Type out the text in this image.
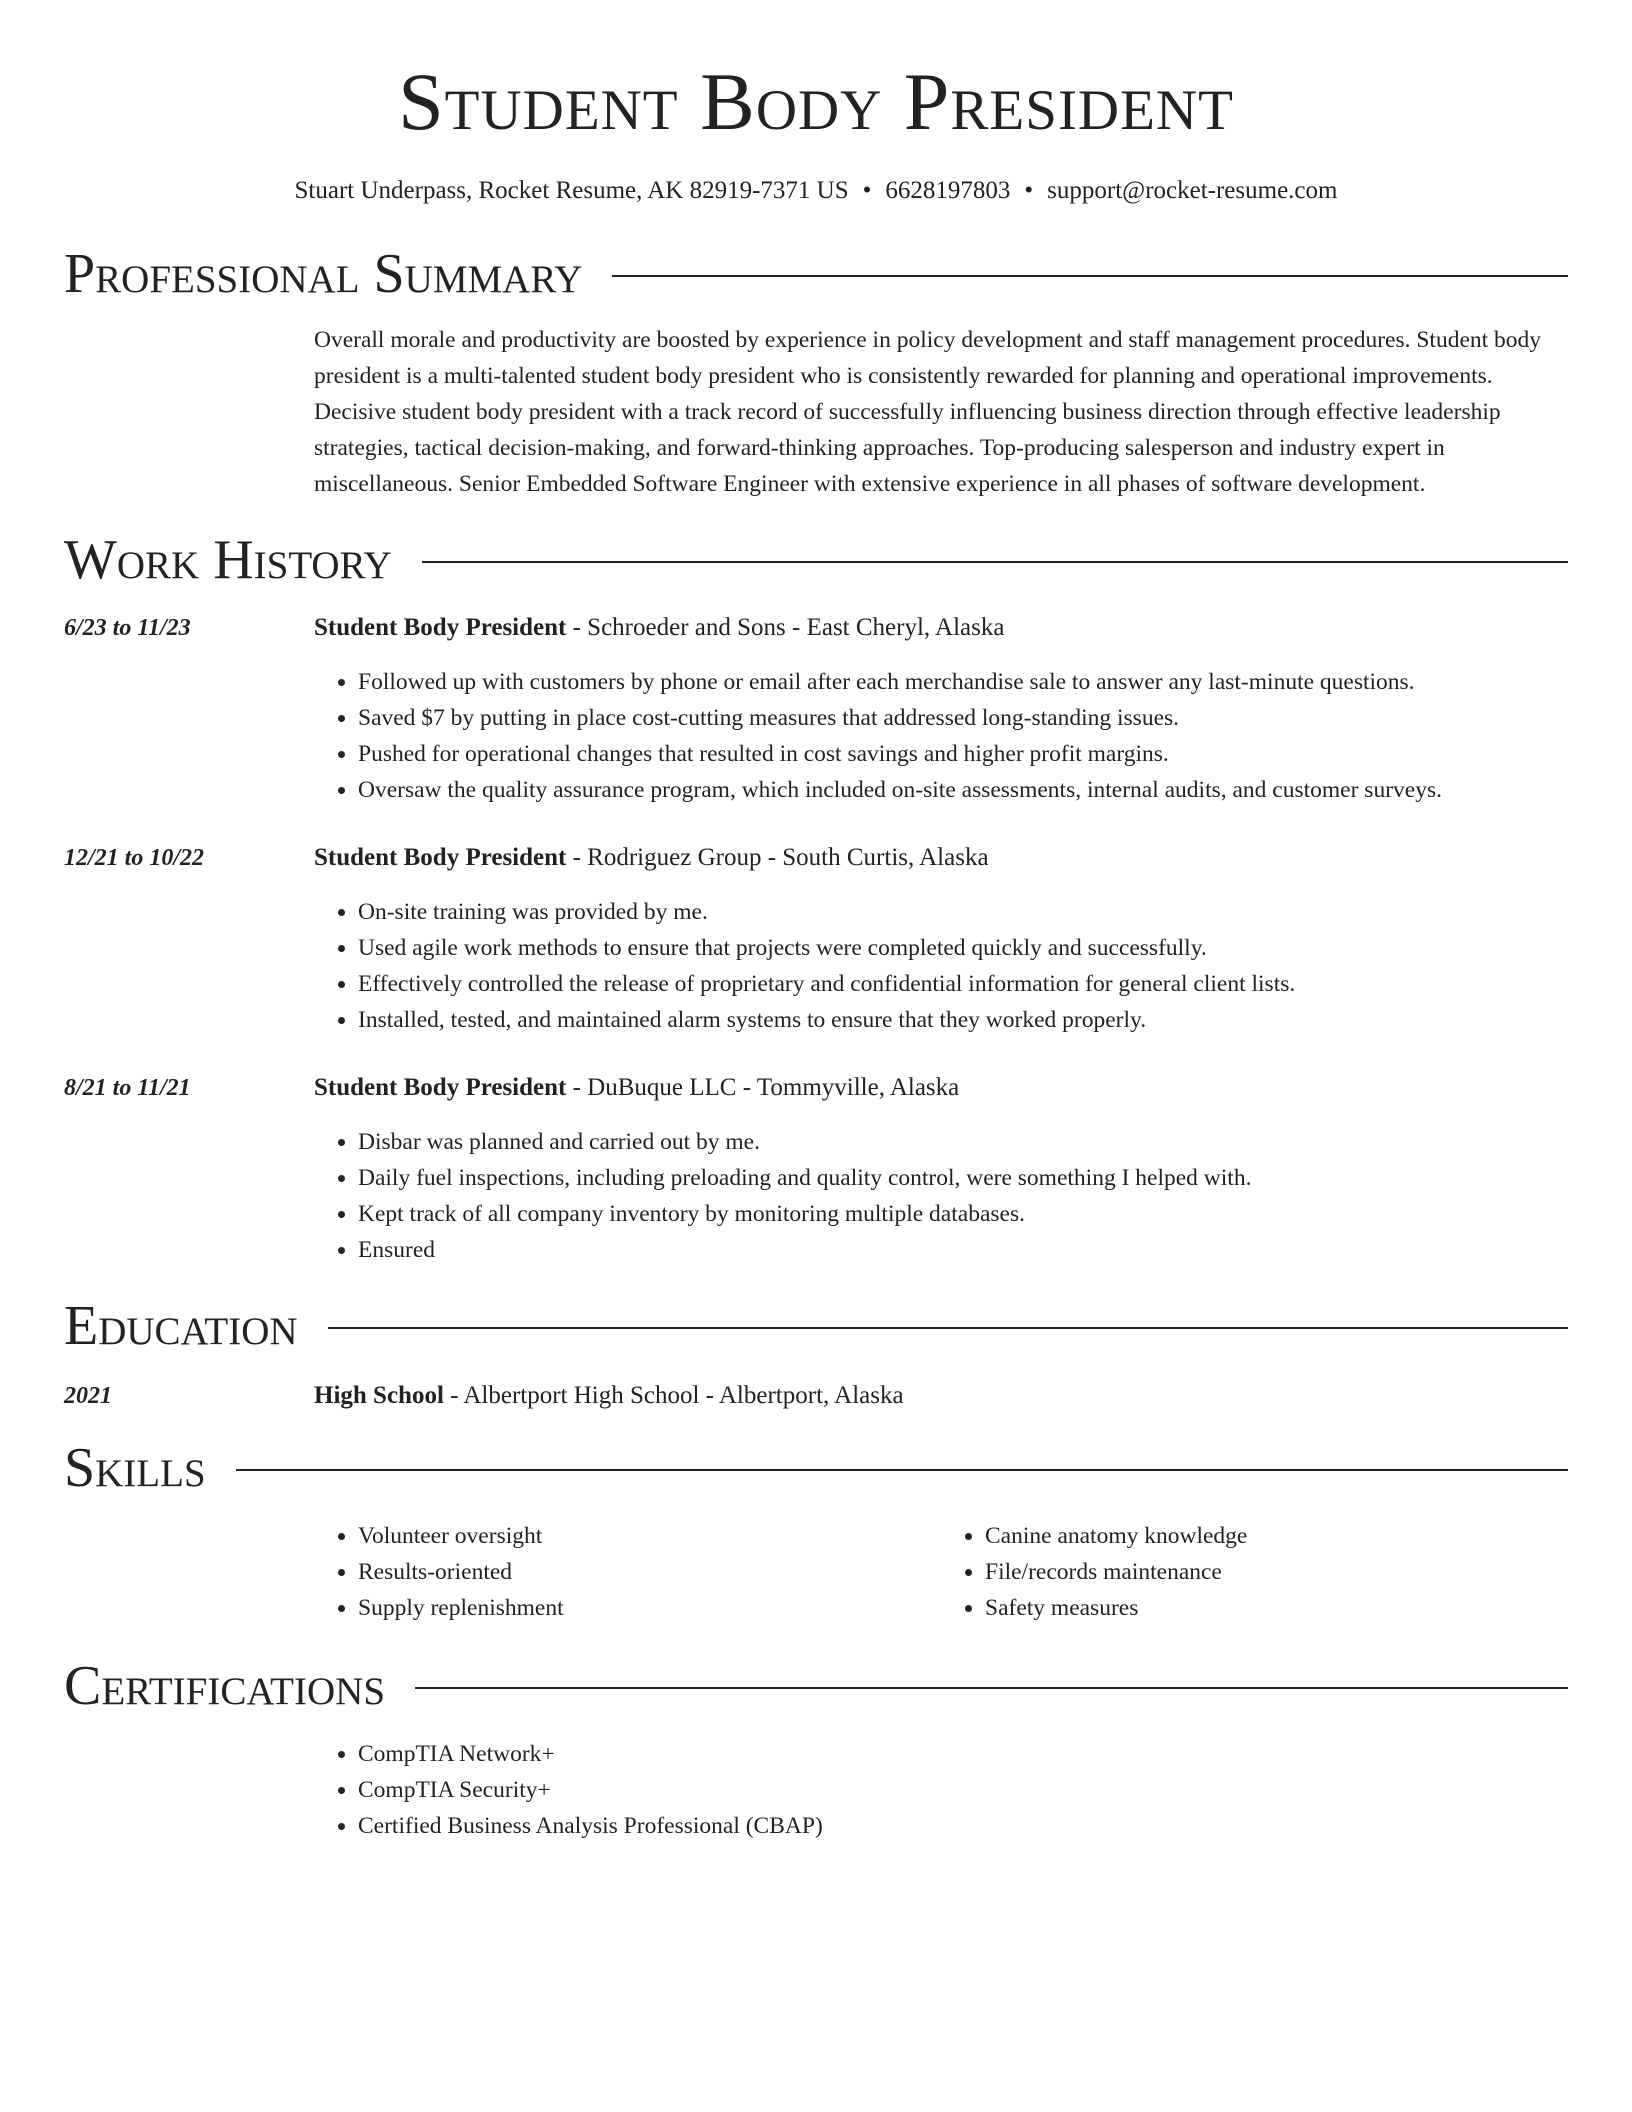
Student Body President
Stuart Underpass, Rocket Resume, AK 82919-7371 US • 6628197803 • support@rocket-resume.com
Professional Summary
Overall morale and productivity are boosted by experience in policy development and staff management procedures. Student body president is a multi-talented student body president who is consistently rewarded for planning and operational improvements. Decisive student body president with a track record of successfully influencing business direction through effective leadership strategies, tactical decision-making, and forward-thinking approaches. Top-producing salesperson and industry expert in miscellaneous. Senior Embedded Software Engineer with extensive experience in all phases of software development.
Work History
6/23 to 11/23	Student Body President - Schroeder and Sons - East Cheryl, Alaska
• Followed up with customers by phone or email after each merchandise sale to answer any last-minute questions.
• Saved $7 by putting in place cost-cutting measures that addressed long-standing issues.
• Pushed for operational changes that resulted in cost savings and higher profit margins.
• Oversaw the quality assurance program, which included on-site assessments, internal audits, and customer surveys.
12/21 to 10/22	Student Body President - Rodriguez Group - South Curtis, Alaska
• On-site training was provided by me.
• Used agile work methods to ensure that projects were completed quickly and successfully.
• Effectively controlled the release of proprietary and confidential information for general client lists.
• Installed, tested, and maintained alarm systems to ensure that they worked properly.
8/21 to 11/21	Student Body President - DuBuque LLC - Tommyville, Alaska
• Disbar was planned and carried out by me.
• Daily fuel inspections, including preloading and quality control, were something I helped with.
• Kept track of all company inventory by monitoring multiple databases.
• Ensured
Education
2021	High School - Albertport High School - Albertport, Alaska
Skills
• Volunteer oversight
• Results-oriented
• Supply replenishment
• Canine anatomy knowledge
• File/records maintenance
• Safety measures
Certifications
• CompTIA Network+
• CompTIA Security+
• Certified Business Analysis Professional (CBAP)
